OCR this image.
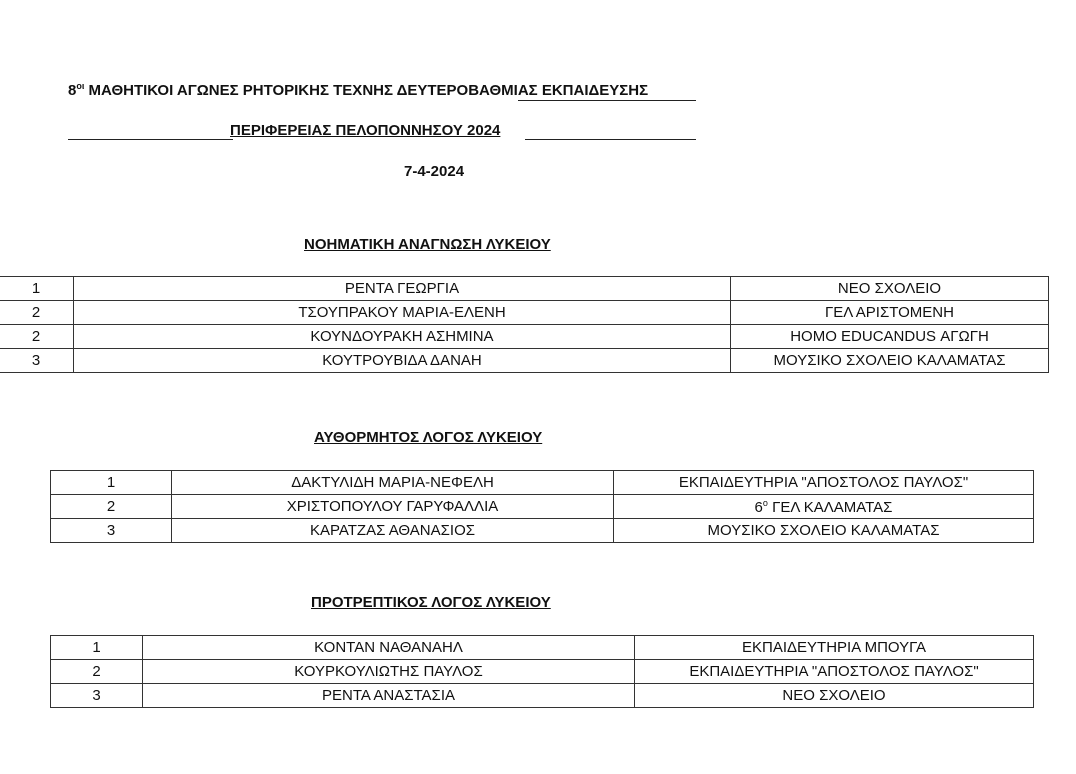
$8^{o\iota}$ ΜΑΘΗΤΙΚΟΙ ΑΓΩΝΕΣ ΡΗΤΟΡΙΚΗΣ ΤΕΧΝΗΣ ΔΕΥΤΕΡΟΒΑΘΜΙΑΣ ΕΚΠΑΙΔΕΥΣΗΣ
ΠΕΡΙΦΕΡΕΙΑΣ ΠΕΛΟΠΟΝΝΗΣΟΥ 2024
7-4-2024
ΝΟΗΜΑΤΙΚΗ ΑΝΑΓΝΩΣΗ ΛΥΚΕΙΟΥ
1	ΡΕΝΤΑ ΓΕΩΡΓΙΑ	ΝΕΟ ΣΧΟΛΕΙΟ
2	ΤΣΟΥΠΡΑΚΟΥ ΜΑΡΙΑ-ΕΛΕΝΗ	ΓΕΛ ΑΡΙΣΤΟΜΕΝΗ
2	ΚΟΥΝΔΟΥΡΑΚΗ ΑΣΗΜΙΝΑ	HOMO EDUCANDUS ΑΓΩΓΗ
3	ΚΟΥΤΡΟΥΒΙΔΑ ΔΑΝΑΗ	ΜΟΥΣΙΚΟ ΣΧΟΛΕΙΟ ΚΑΛΑΜΑΤΑΣ
ΑΥΘΟΡΜΗΤΟΣ ΛΟΓΟΣ ΛΥΚΕΙΟΥ
1	ΔΑΚΤΥΛΙΔΗ ΜΑΡΙΑ-ΝΕΦΕΛΗ	ΕΚΠΑΙΔΕΥΤΗΡΙΑ "ΑΠΟΣΤΟΛΟΣ ΠΑΥΛΟΣ"
2	ΧΡΙΣΤΟΠΟΥΛΟΥ ΓΑΡΥΦΑΛΛΙΑ	$6^o$ ΓΕΛ ΚΑΛΑΜΑΤΑΣ
3	ΚΑΡΑΤΖΑΣ ΑΘΑΝΑΣΙΟΣ	ΜΟΥΣΙΚΟ ΣΧΟΛΕΙΟ ΚΑΛΑΜΑΤΑΣ
ΠΡΟΤΡΕΠΤΙΚΟΣ ΛΟΓΟΣ ΛΥΚΕΙΟΥ
1	ΚΟΝΤΑΝ ΝΑΘΑΝΑΗΛ	ΕΚΠΑΙΔΕΥΤΗΡΙΑ ΜΠΟΥΓΑ
2	ΚΟΥΡΚΟΥΛΙΩΤΗΣ ΠΑΥΛΟΣ	ΕΚΠΑΙΔΕΥΤΗΡΙΑ "ΑΠΟΣΤΟΛΟΣ ΠΑΥΛΟΣ"
3	ΡΕΝΤΑ ΑΝΑΣΤΑΣΙΑ	ΝΕΟ ΣΧΟΛΕΙΟ
